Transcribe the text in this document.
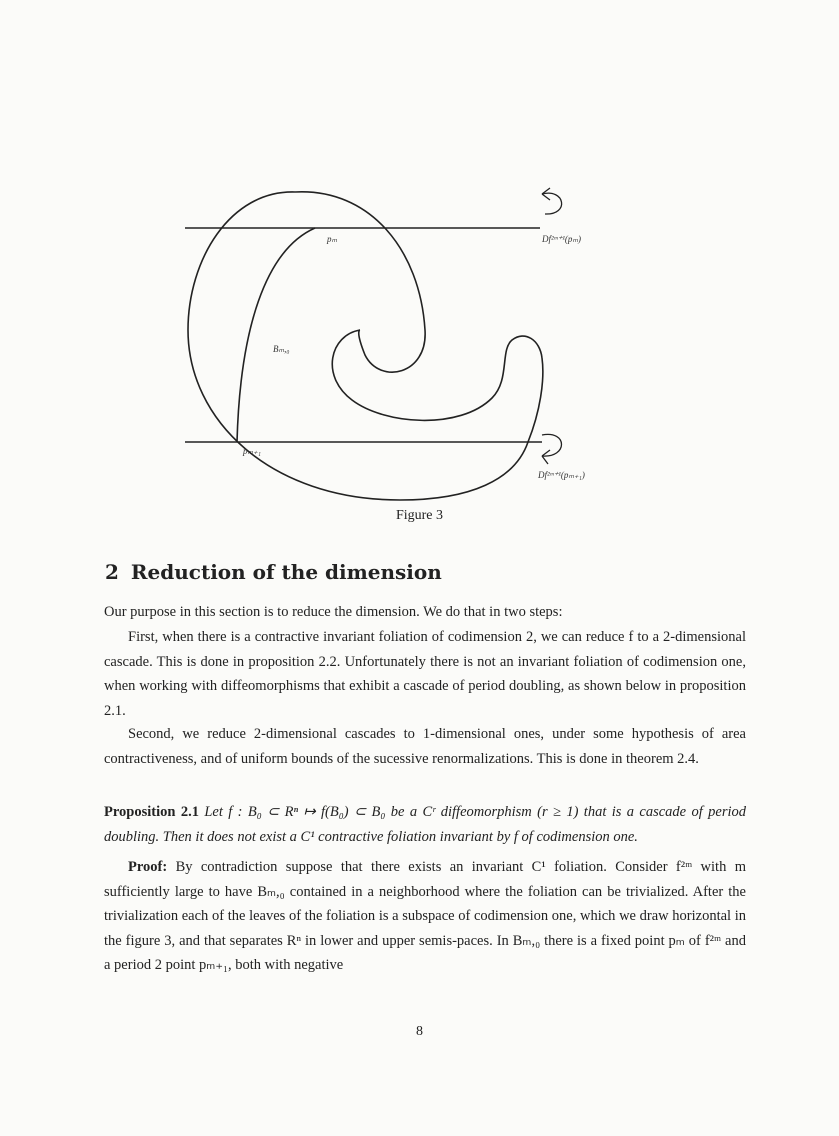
pₘ
Bₘ,₀
pₘ₊₁
Df²ᵐ⁺¹(pₘ)
Df²ᵐ⁺¹(pₘ₊₁)
Figure 3
2 Reduction of the dimension
Our purpose in this section is to reduce the dimension. We do that in two steps:
First, when there is a contractive invariant foliation of codimension 2, we can reduce f to a 2-dimensional cascade. This is done in proposition 2.2. Unfortunately there is not an invariant foliation of codimension one, when working with diffeomorphisms that exhibit a cascade of period doubling, as shown below in proposition 2.1.
Second, we reduce 2-dimensional cascades to 1-dimensional ones, under some hypothesis of area contractiveness, and of uniform bounds of the sucessive renormalizations. This is done in theorem 2.4.
Proposition 2.1 Let f : B₀ ⊂ Rⁿ ↦ f(B₀) ⊂ B₀ be a Cʳ diffeomorphism (r ≥ 1) that is a cascade of period doubling. Then it does not exist a C¹ contractive foliation invariant by f of codimension one.
Proof: By contradiction suppose that there exists an invariant C¹ foliation. Consider f²ᵐ with m sufficiently large to have Bₘ,₀ contained in a neighborhood where the foliation can be trivialized. After the trivialization each of the leaves of the foliation is a subspace of codimension one, which we draw horizontal in the figure 3, and that separates Rⁿ in lower and upper semis-paces. In Bₘ,₀ there is a fixed point pₘ of f²ᵐ and a period 2 point pₘ₊₁, both with negative
8
